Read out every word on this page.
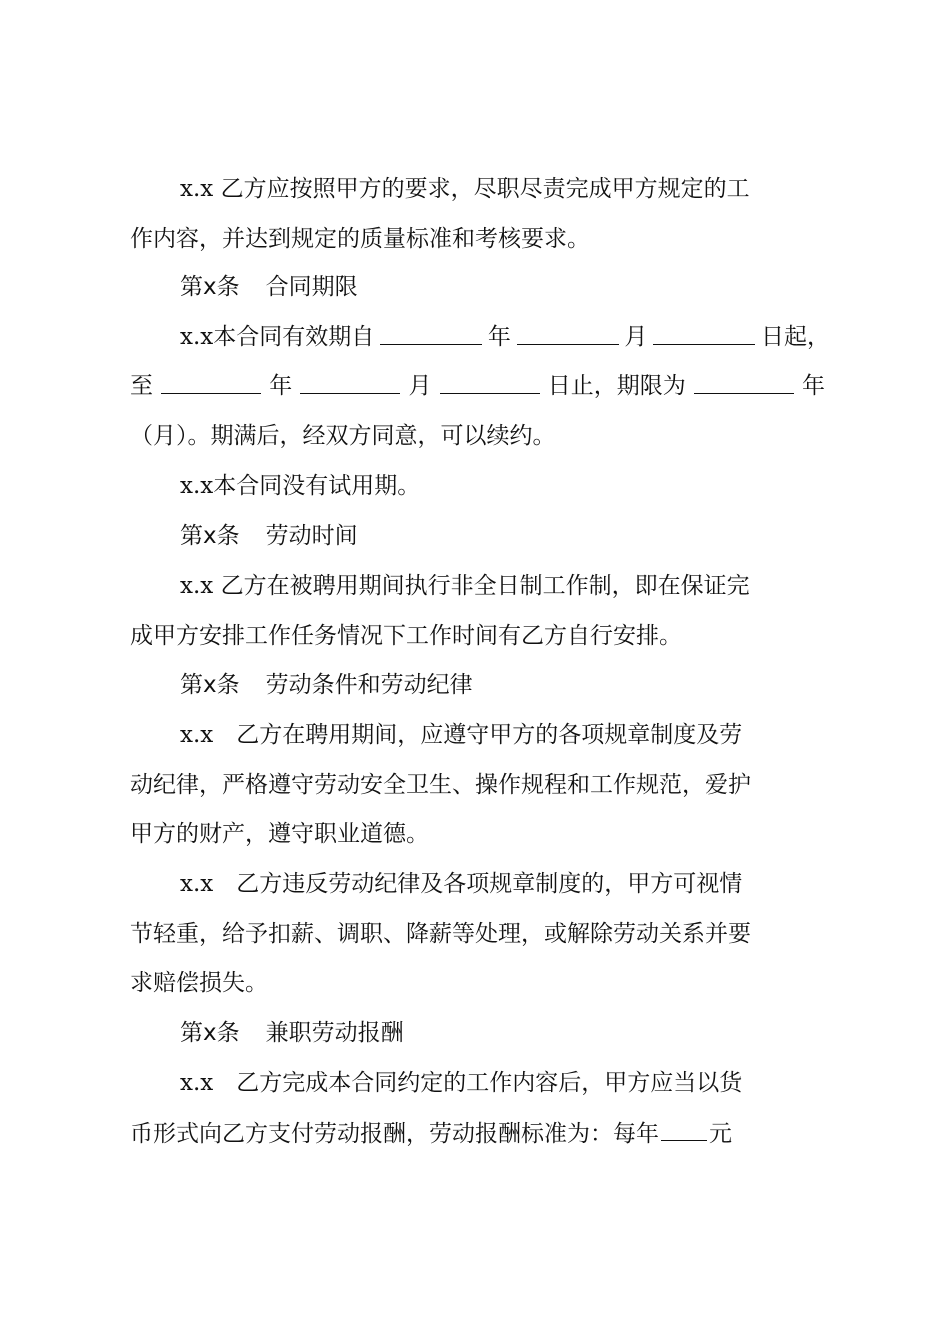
x.x 乙方应按照甲方的要求，尽职尽责完成甲方规定的工
作内容，并达到规定的质量标准和考核要求。
第x条 合同期限
x.x本合同有效期自	年	月	日起，
至	年	月	日止，期限为	年
（月）。期满后，经双方同意，可以续约。
x.x本合同没有试用期。
第x条 劳动时间
x.x 乙方在被聘用期间执行非全日制工作制，即在保证完
成甲方安排工作任务情况下工作时间有乙方自行安排。
第x条 劳动条件和劳动纪律
x.x　乙方在聘用期间，应遵守甲方的各项规章制度及劳
动纪律，严格遵守劳动安全卫生、操作规程和工作规范，爱护
甲方的财产，遵守职业道德。
x.x　乙方违反劳动纪律及各项规章制度的，甲方可视情
节轻重，给予扣薪、调职、降薪等处理，或解除劳动关系并要
求赔偿损失。
第x条 兼职劳动报酬
x.x　乙方完成本合同约定的工作内容后，甲方应当以货
币形式向乙方支付劳动报酬，劳动报酬标准为：每年 元
